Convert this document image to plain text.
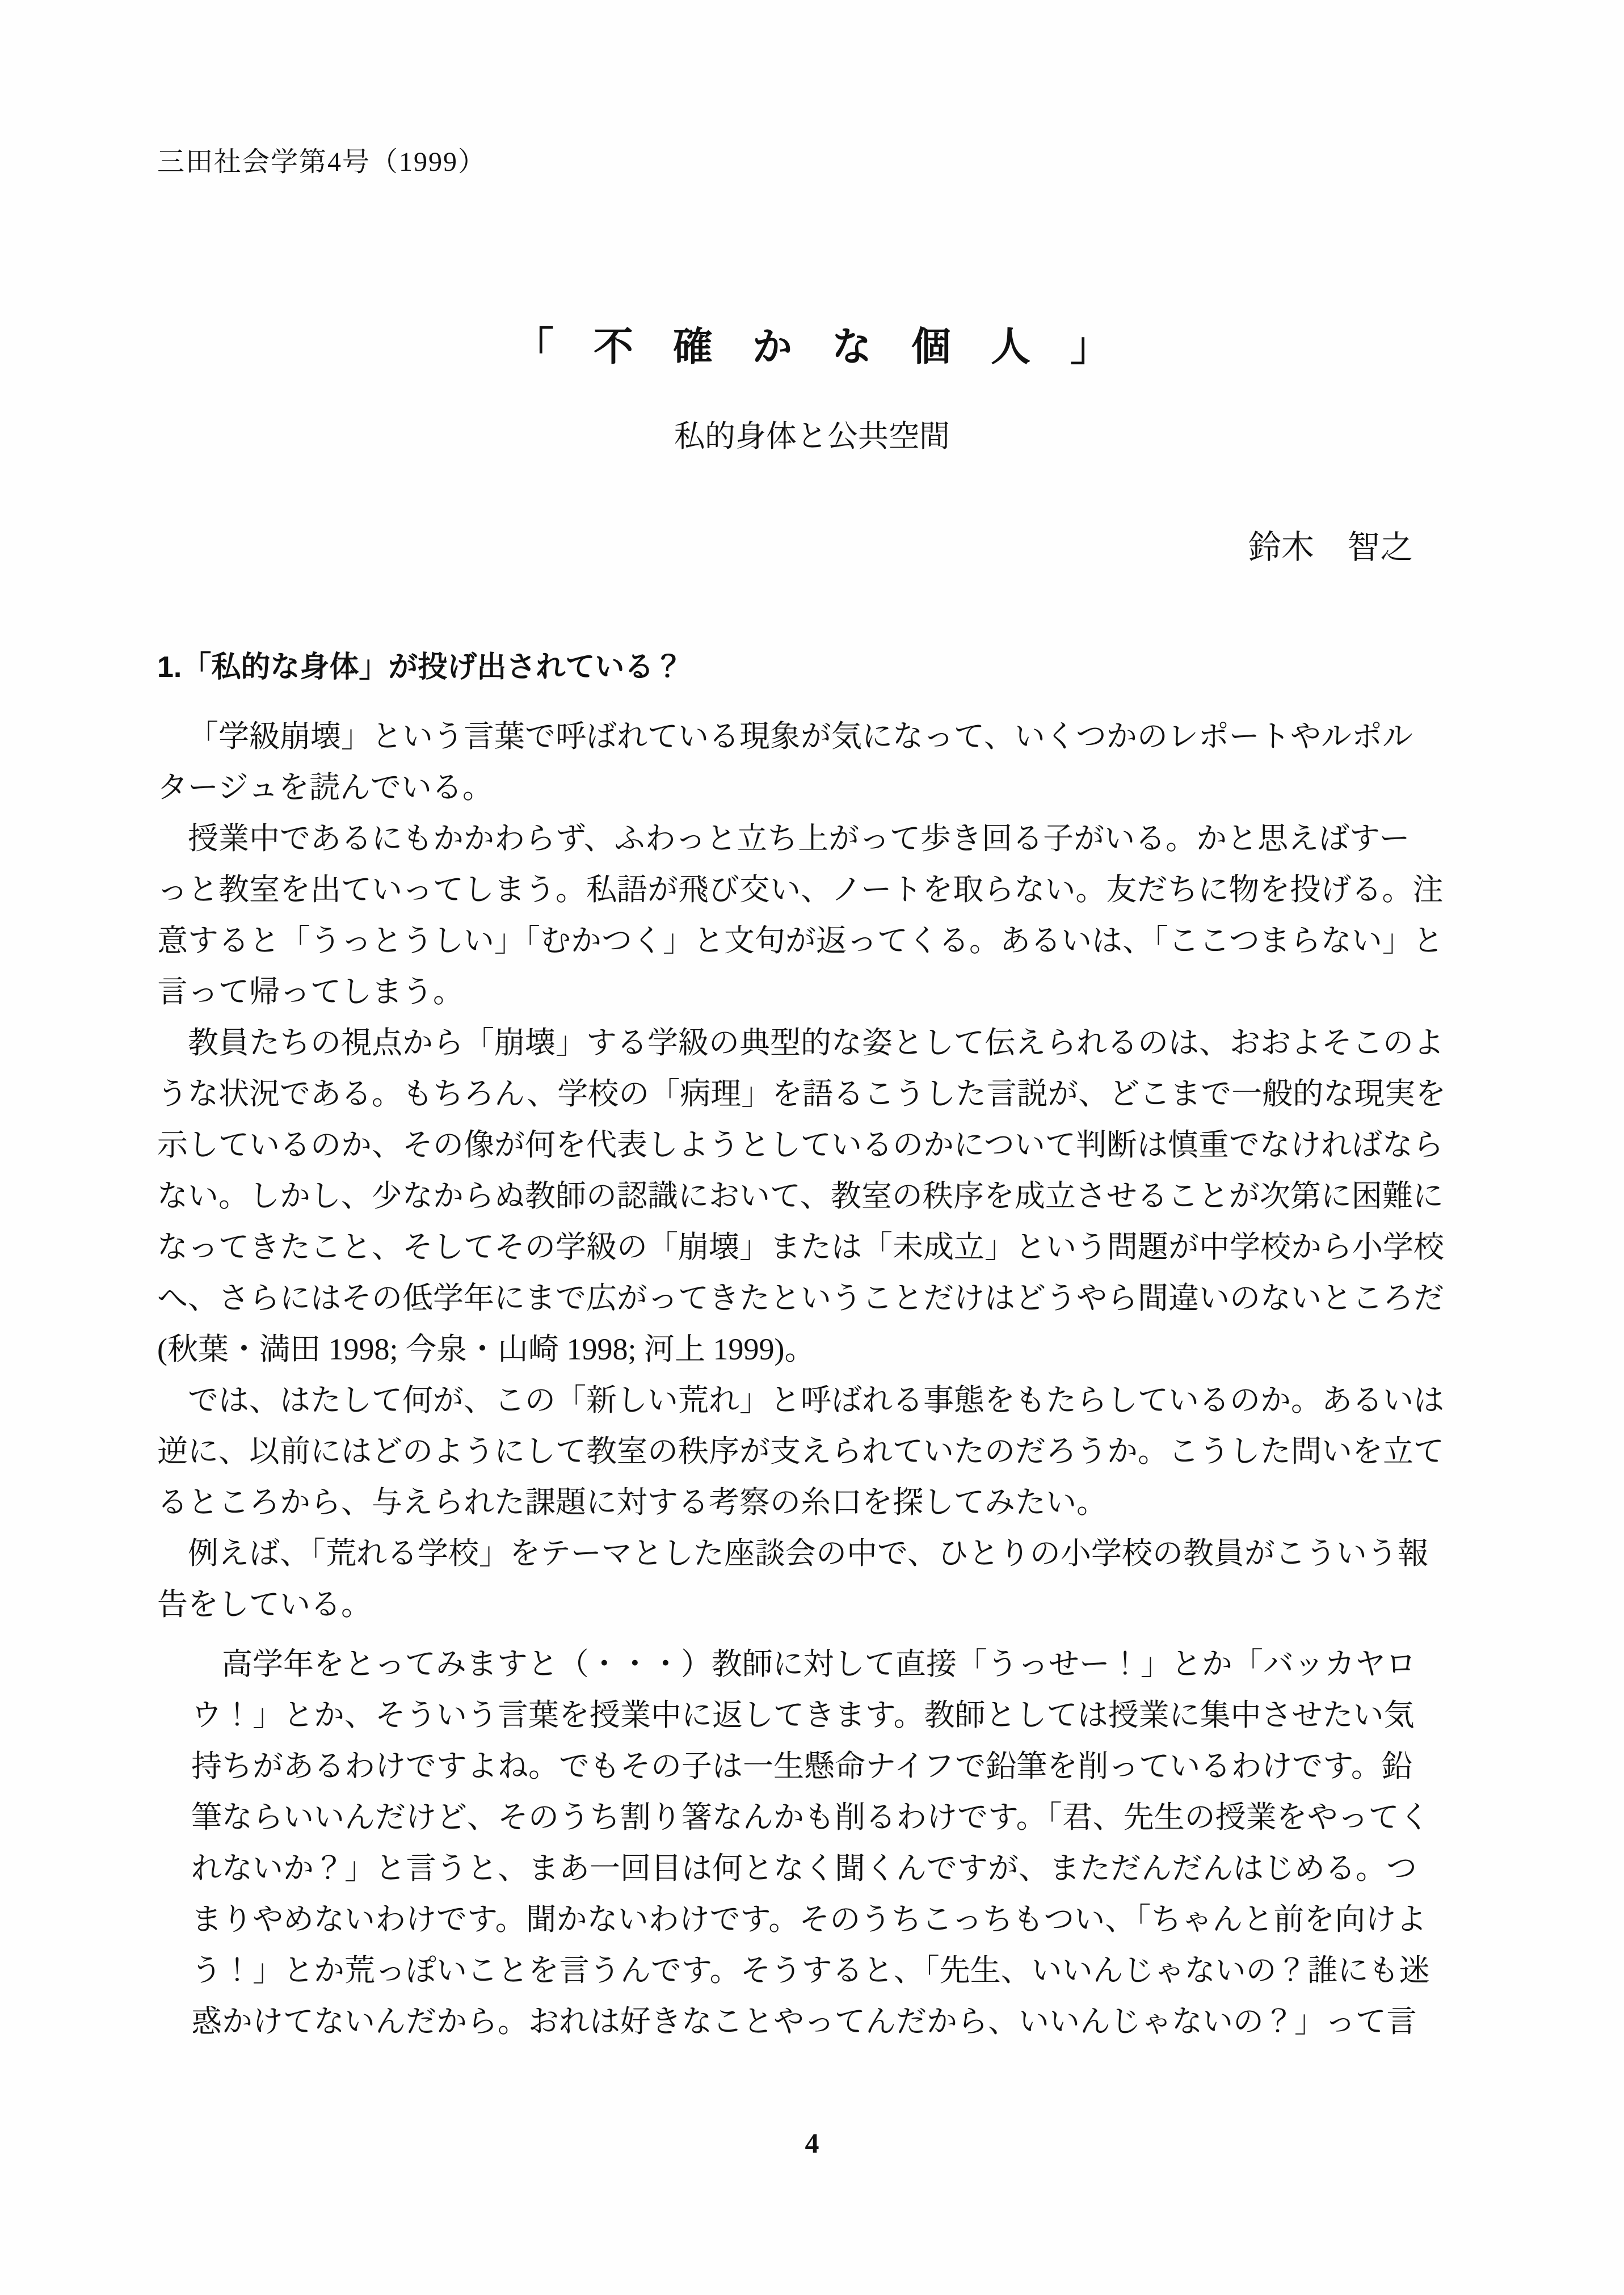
三田社会学第4号（1999）
「　不　確　か　な　個　人　」
私的身体と公共空間
鈴木　智之
1.「私的な身体」が投げ出されている？
「学級崩壊」という言葉で呼ばれている現象が気になって、いくつかのレポートやルポル
タージュを読んでいる。
授業中であるにもかかわらず、ふわっと立ち上がって歩き回る子がいる。かと思えばすー
っと教室を出ていってしまう。私語が飛び交い、ノートを取らない。友だちに物を投げる。注
意すると「うっとうしい」「むかつく」と文句が返ってくる。あるいは、「ここつまらない」と
言って帰ってしまう。
教員たちの視点から「崩壊」する学級の典型的な姿として伝えられるのは、おおよそこのよ
うな状況である。もちろん、学校の「病理」を語るこうした言説が、どこまで一般的な現実を
示しているのか、その像が何を代表しようとしているのかについて判断は慎重でなければなら
ない。しかし、少なからぬ教師の認識において、教室の秩序を成立させることが次第に困難に
なってきたこと、そしてその学級の「崩壊」または「未成立」という問題が中学校から小学校
へ、さらにはその低学年にまで広がってきたということだけはどうやら間違いのないところだ
(秋葉・満田 1998; 今泉・山崎 1998; 河上 1999)。
では、はたして何が、この「新しい荒れ」と呼ばれる事態をもたらしているのか。あるいは
逆に、以前にはどのようにして教室の秩序が支えられていたのだろうか。こうした問いを立て
るところから、与えられた課題に対する考察の糸口を探してみたい。
例えば、「荒れる学校」をテーマとした座談会の中で、ひとりの小学校の教員がこういう報
告をしている。
高学年をとってみますと（・・・）教師に対して直接「うっせー！」とか「バッカヤロ
ウ！」とか、そういう言葉を授業中に返してきます。教師としては授業に集中させたい気
持ちがあるわけですよね。でもその子は一生懸命ナイフで鉛筆を削っているわけです。鉛
筆ならいいんだけど、そのうち割り箸なんかも削るわけです。「君、先生の授業をやってく
れないか？」と言うと、まあ一回目は何となく聞くんですが、まただんだんはじめる。つ
まりやめないわけです。聞かないわけです。そのうちこっちもつい、「ちゃんと前を向けよ
う！」とか荒っぽいことを言うんです。そうすると、「先生、いいんじゃないの？誰にも迷
惑かけてないんだから。おれは好きなことやってんだから、いいんじゃないの？」って言
4
